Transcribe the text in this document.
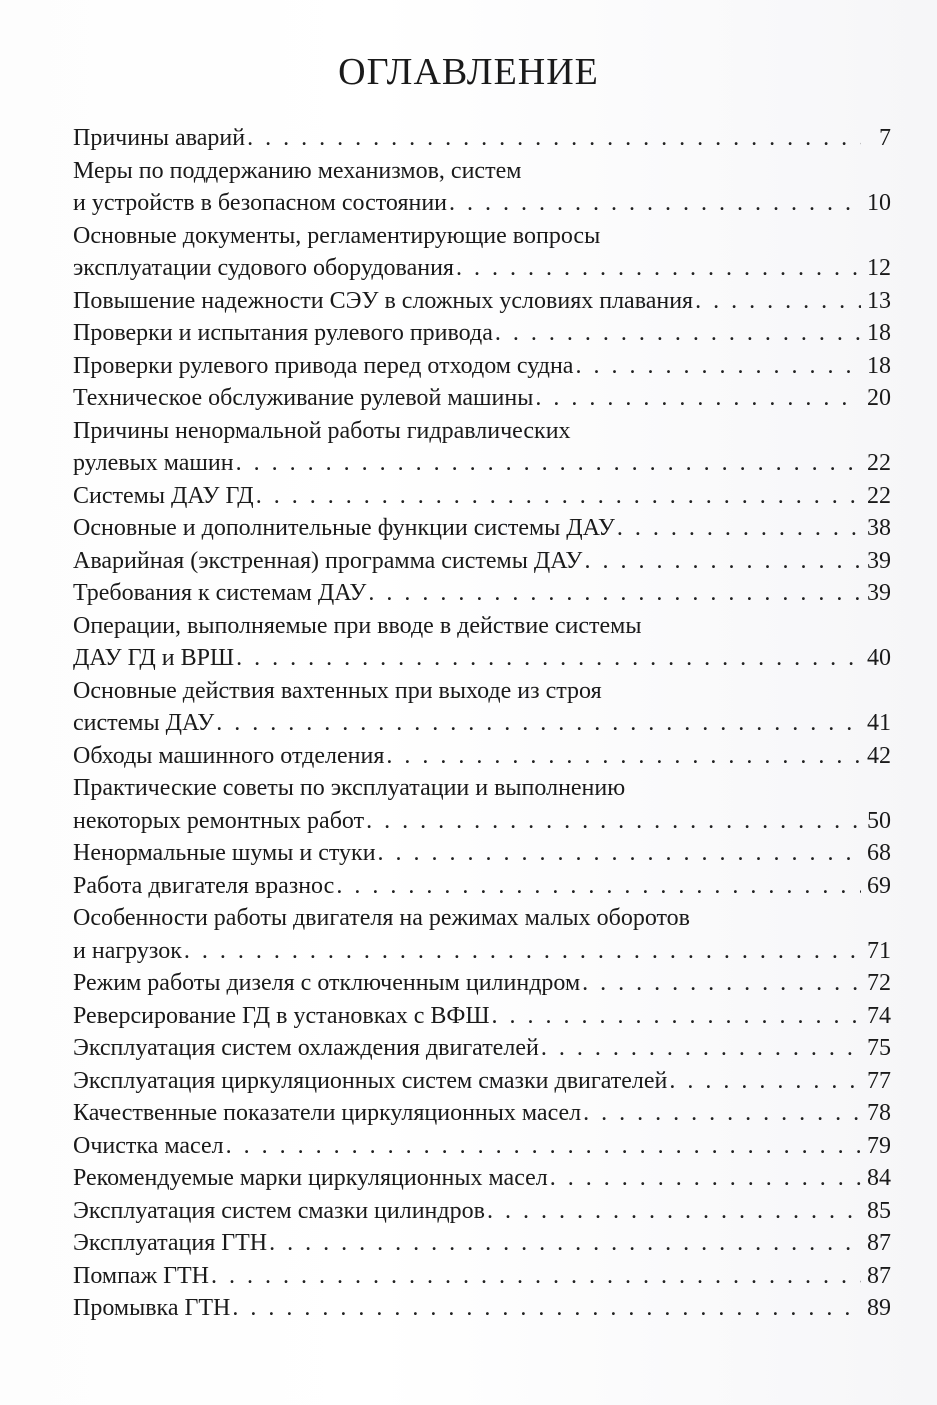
ОГЛАВЛЕНИЕ
Причины аварий . . .	7
Меры по поддержанию механизмов, систем
и устройств в безопасном состоянии . . .	10
Основные документы, регламентирующие вопросы
эксплуатации судового оборудования . . .	12
Повышение надежности СЭУ в сложных условиях плавания . . .	13
Проверки и испытания рулевого привода . . .	18
Проверки рулевого привода перед отходом судна . . .	18
Техническое обслуживание рулевой машины . . .	20
Причины ненормальной работы гидравлических
рулевых машин . . .	22
Системы ДАУ ГД . . .	22
Основные и дополнительные функции системы ДАУ . . .	38
Аварийная (экстренная) программа системы ДАУ . . .	39
Требования к системам ДАУ . . .	39
Операции, выполняемые при вводе в действие системы
ДАУ ГД и ВРШ . . .	40
Основные действия вахтенных при выходе из строя
системы ДАУ . . .	41
Обходы машинного отделения . . .	42
Практические советы по эксплуатации и выполнению
некоторых ремонтных работ . . .	50
Ненормальные шумы и стуки . . .	68
Работа двигателя вразнос . . .	69
Особенности работы двигателя на режимах малых оборотов
и нагрузок . . .	71
Режим работы дизеля с отключенным цилиндром . . .	72
Реверсирование ГД в установках с ВФШ . . .	74
Эксплуатация систем охлаждения двигателей . . .	75
Эксплуатация циркуляционных систем смазки двигателей . . .	77
Качественные показатели циркуляционных масел . . .	78
Очистка масел . . .	79
Рекомендуемые марки циркуляционных масел . . .	84
Эксплуатация систем смазки цилиндров . . .	85
Эксплуатация ГТН . . .	87
Помпаж ГТН . . .	87
Промывка ГТН . . .	89
